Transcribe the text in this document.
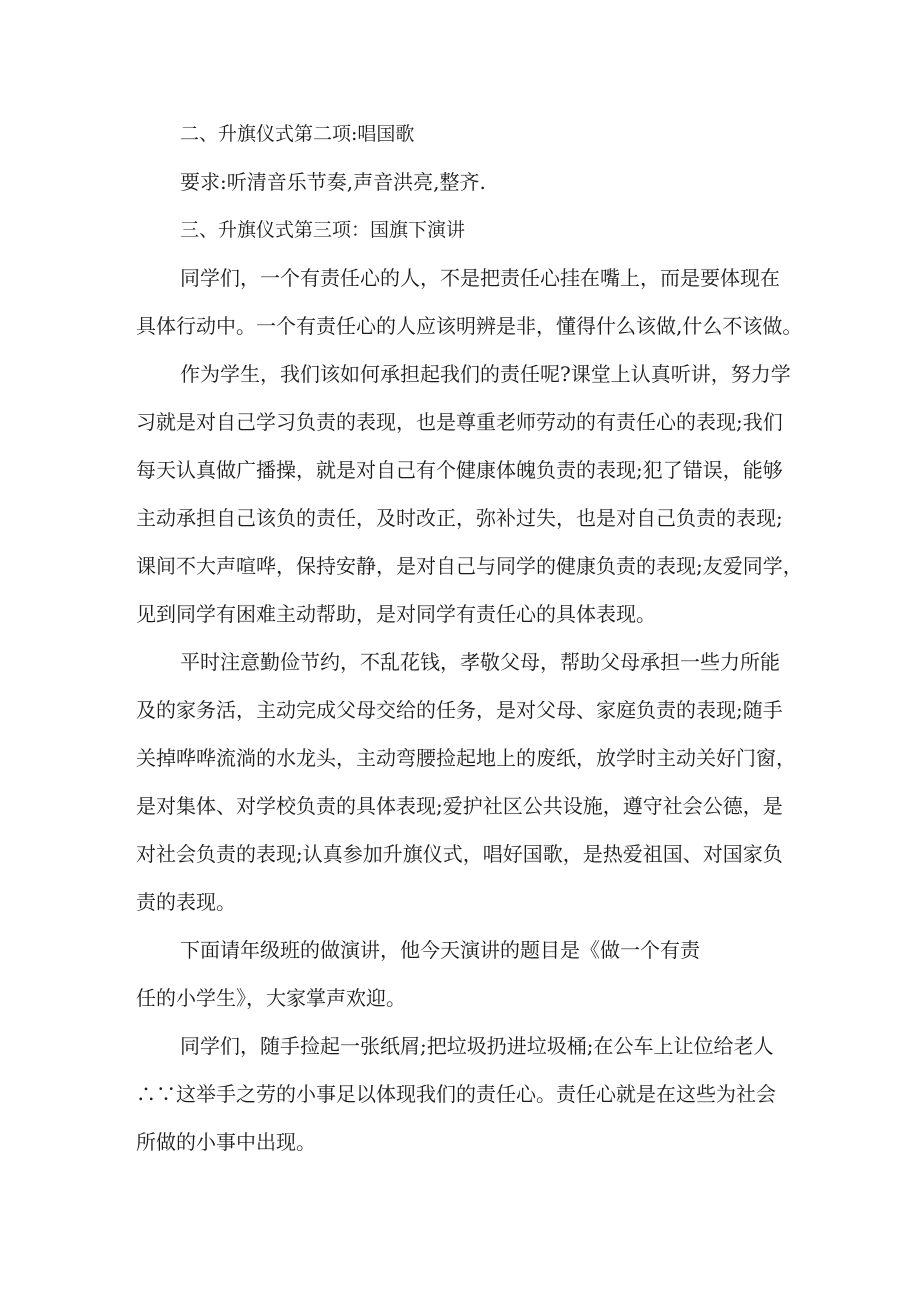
二、升旗仪式第二项:唱国歌
要求:听清音乐节奏,声音洪亮,整齐.
三、升旗仪式第三项：国旗下演讲
同学们，一个有责任心的人，不是把责任心挂在嘴上，而是要体现在
具体行动中。一个有责任心的人应该明辨是非，懂得什么该做,什么不该做。
作为学生，我们该如何承担起我们的责任呢?课堂上认真听讲，努力学
习就是对自己学习负责的表现，也是尊重老师劳动的有责任心的表现;我们
每天认真做广播操，就是对自己有个健康体魄负责的表现;犯了错误，能够
主动承担自己该负的责任，及时改正，弥补过失，也是对自己负责的表现;
课间不大声喧哗，保持安静，是对自己与同学的健康负责的表现;友爱同学，
见到同学有困难主动帮助，是对同学有责任心的具体表现。
平时注意勤俭节约，不乱花钱，孝敬父母，帮助父母承担一些力所能
及的家务活，主动完成父母交给的任务，是对父母、家庭负责的表现;随手
关掉哗哗流淌的水龙头，主动弯腰捡起地上的废纸，放学时主动关好门窗，
是对集体、对学校负责的具体表现;爱护社区公共设施，遵守社会公德，是
对社会负责的表现;认真参加升旗仪式，唱好国歌，是热爱祖国、对国家负
责的表现。
下面请年级班的做演讲，他今天演讲的题目是《做一个有责
任的小学生》，大家掌声欢迎。
同学们，随手捡起一张纸屑;把垃圾扔进垃圾桶;在公车上让位给老人
∴∵这举手之劳的小事足以体现我们的责任心。责任心就是在这些为社会
所做的小事中出现。
